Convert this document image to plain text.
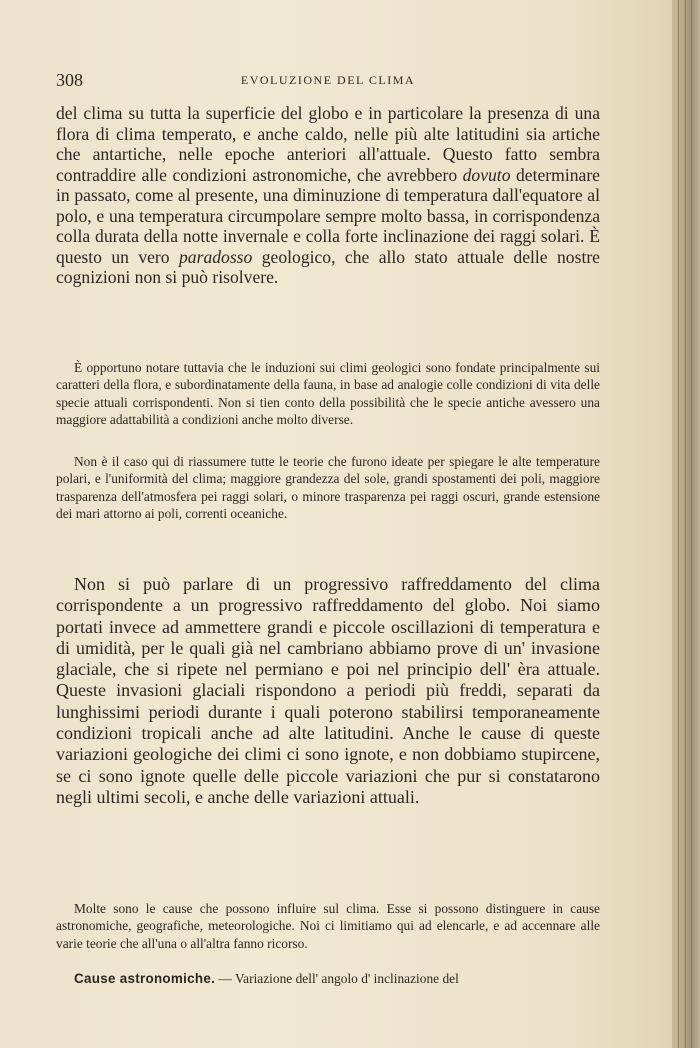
308	EVOLUZIONE DEL CLIMA

del clima su tutta la superficie del globo e in particolare la presenza di una flora di clima temperato, e anche caldo, nelle più alte latitudini sia artiche che antartiche, nelle epoche anteriori all'attuale. Questo fatto sembra contraddire alle condizioni astronomiche, che avrebbero dovuto determinare in passato, come al presente, una diminuzione di temperatura dall'equatore al polo, e una temperatura circumpolare sempre molto bassa, in corrispondenza colla durata della notte invernale e colla forte inclinazione dei raggi solari. È questo un vero paradosso geologico, che allo stato attuale delle nostre cognizioni non si può risolvere.

È opportuno notare tuttavia che le induzioni sui climi geologici sono fondate principalmente sui caratteri della flora, e subordinatamente della fauna, in base ad analogie colle condizioni di vita delle specie attuali corrispondenti. Non si tien conto della possibilità che le specie antiche avessero una maggiore adattabilità a condizioni anche molto diverse.

Non è il caso qui di riassumere tutte le teorie che furono ideate per spiegare le alte temperature polari, e l'uniformità del clima; maggiore grandezza del sole, grandi spostamenti dei poli, maggiore trasparenza dell'atmosfera pei raggi solari, o minore trasparenza pei raggi oscuri, grande estensione dei mari attorno ai poli, correnti oceaniche.

Non si può parlare di un progressivo raffreddamento del clima corrispondente a un progressivo raffreddamento del globo. Noi siamo portati invece ad ammettere grandi e piccole oscillazioni di temperatura e di umidità, per le quali già nel cambriano abbiamo prove di un' invasione glaciale, che si ripete nel permiano e poi nel principio dell' èra attuale. Queste invasioni glaciali rispondono a periodi più freddi, separati da lunghissimi periodi durante i quali poterono stabilirsi temporaneamente condizioni tropicali anche ad alte latitudini. Anche le cause di queste variazioni geologiche dei climi ci sono ignote, e non dobbiamo stupircene, se ci sono ignote quelle delle piccole variazioni che pur si constatarono negli ultimi secoli, e anche delle variazioni attuali.

Molte sono le cause che possono influire sul clima. Esse si possono distinguere in cause astronomiche, geografiche, meteorologiche. Noi ci limitiamo qui ad elencarle, e ad accennare alle varie teorie che all'una o all'altra fanno ricorso.

Cause astronomiche. — Variazione dell' angolo d' inclinazione del
